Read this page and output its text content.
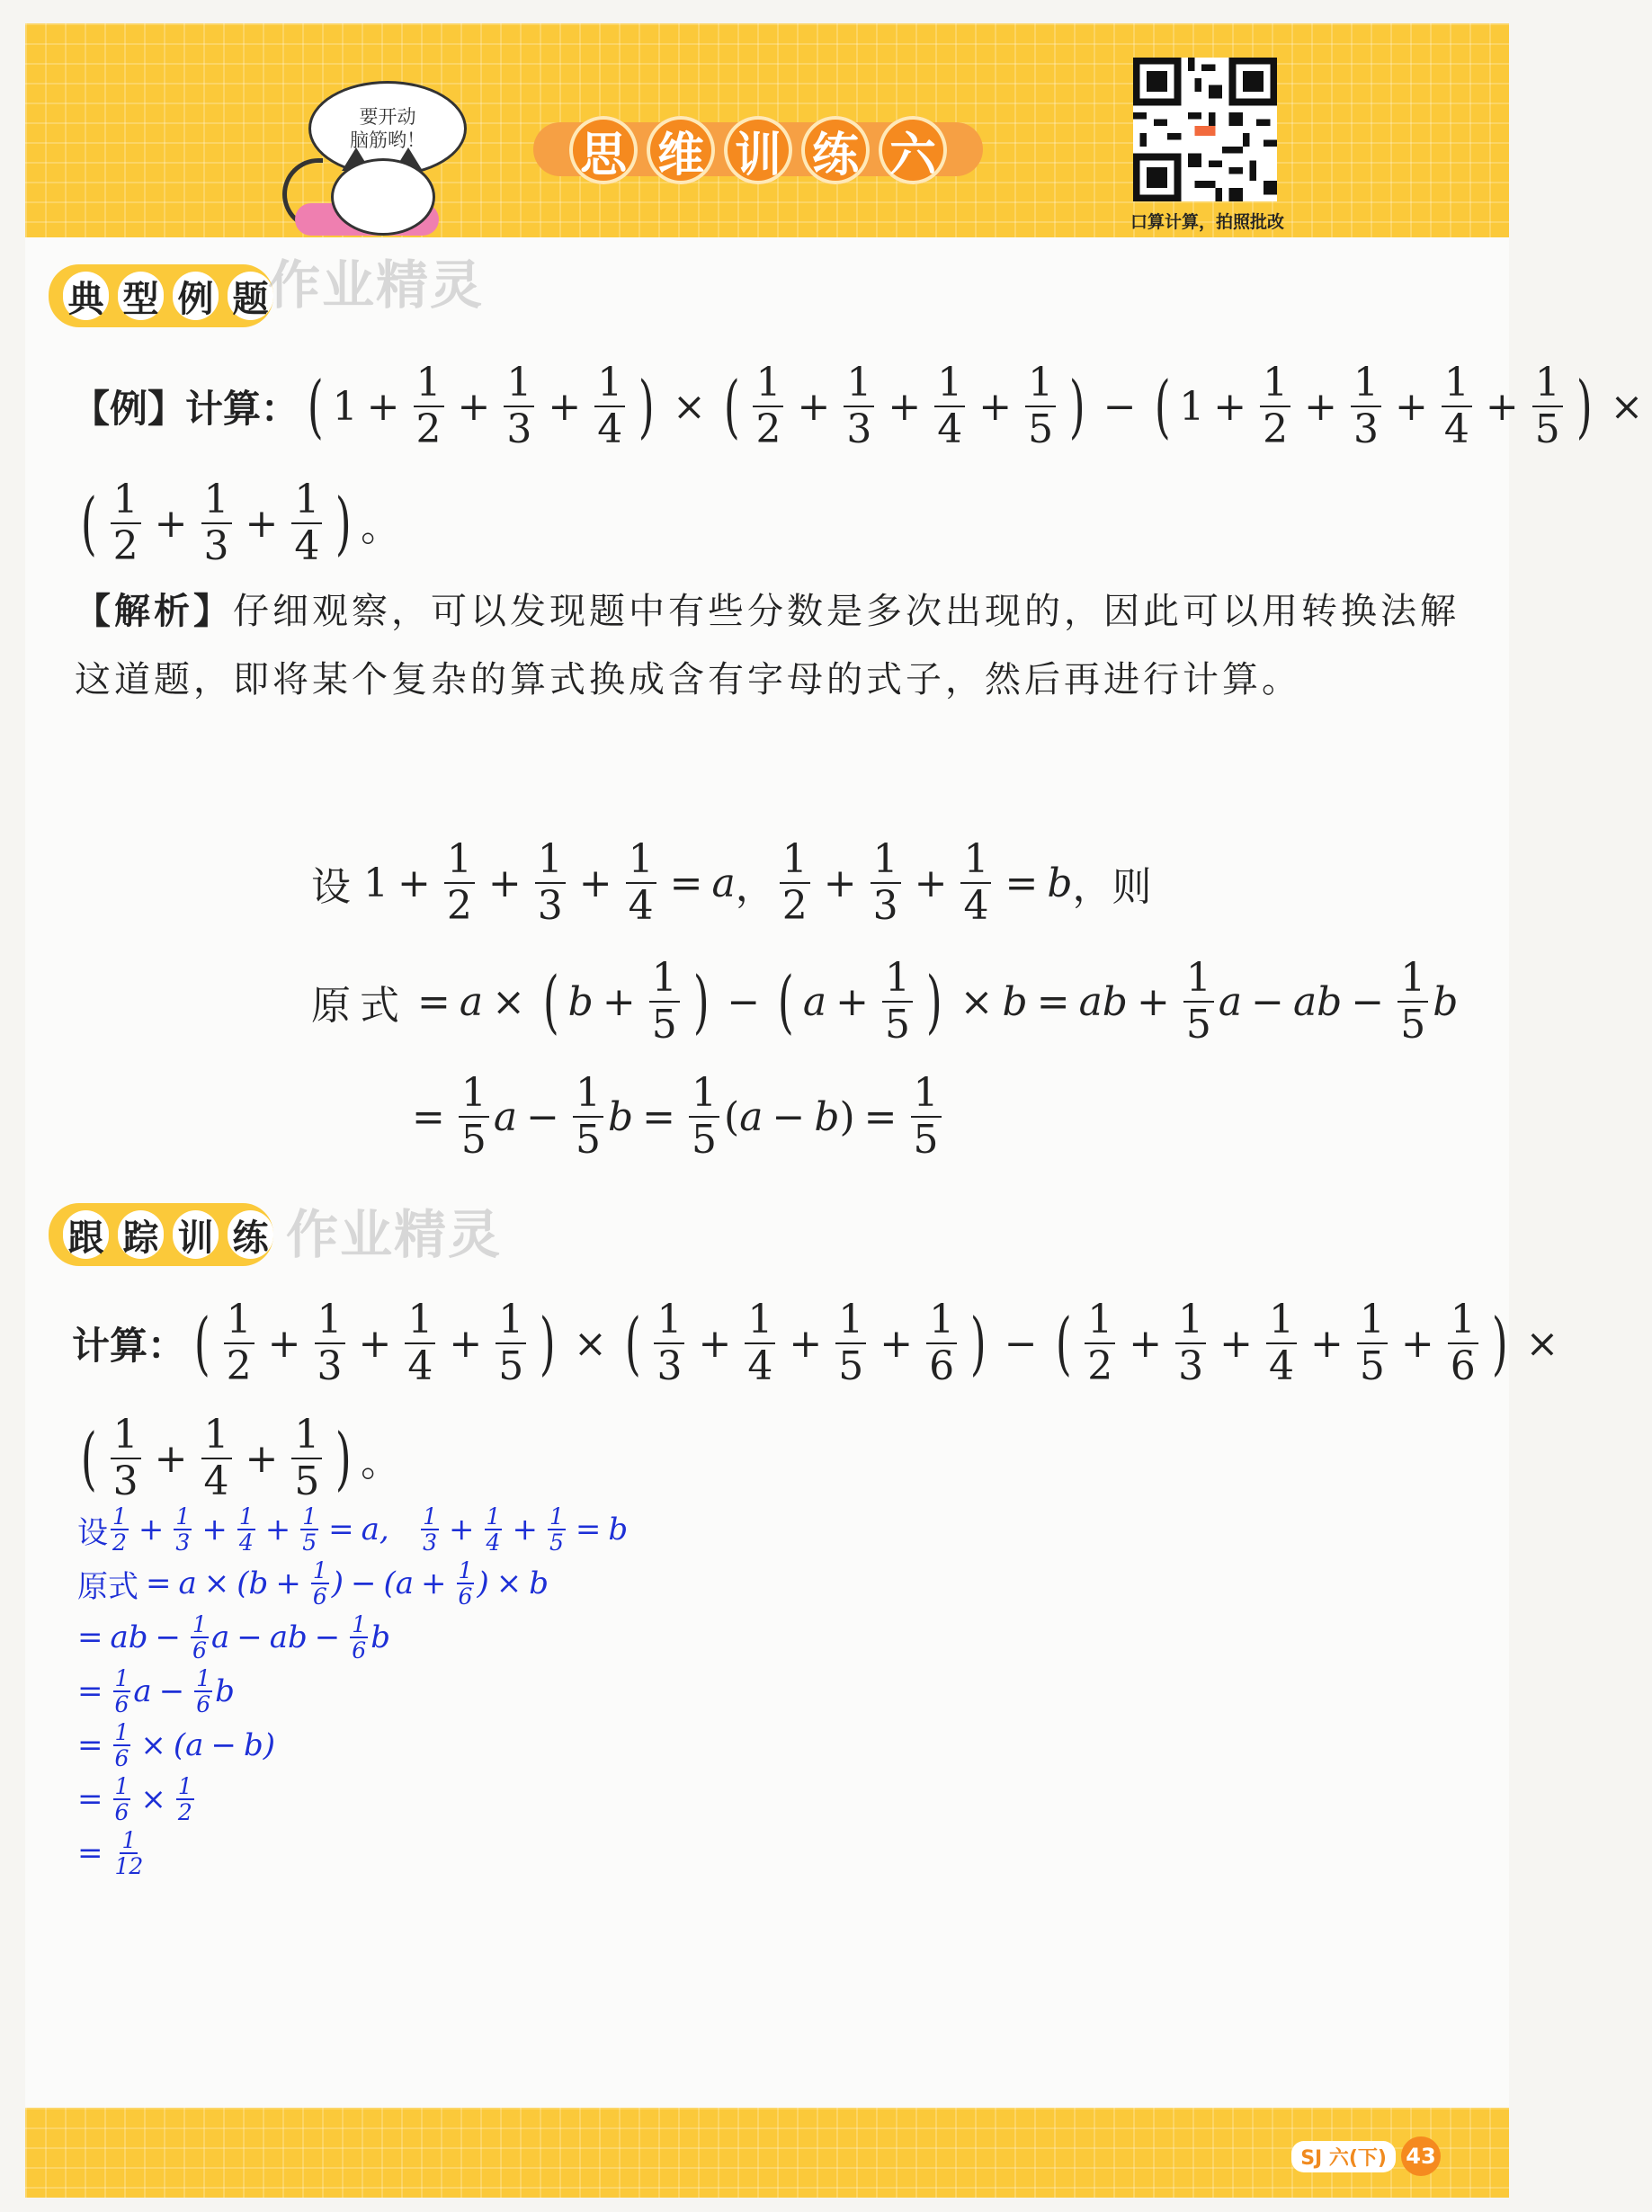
要开动
脑筋哟！	思 维 训 练 六
口算计算，拍照批改
典 型 例 题 作业精灵
【例】计算： ( $1 + \frac{1}{2} + \frac{1}{3} + \frac{1}{4}$ ) × ( $\frac{1}{2} + \frac{1}{3} + \frac{1}{4} + \frac{1}{5}$ ) − ( $1 + \frac{1}{2} + \frac{1}{3} + \frac{1}{4} + \frac{1}{5}$ ) ×
( $\frac{1}{2} + \frac{1}{3} + \frac{1}{4}$ ) 。
【解析】仔细观察，可以发现题中有些分数是多次出现的，因此可以用转换法解这道题，即将某个复杂的算式换成含有字母的式子，然后再进行计算。
设 $1 + \frac{1}{2} + \frac{1}{3} + \frac{1}{4} = a$ ， $\frac{1}{2} + \frac{1}{3} + \frac{1}{4} = b$ ， 则
原式 = a × ( $b + \frac{1}{5}$ ) − ( $a + \frac{1}{5}$ ) × b = ab + $\frac{1}{5}$ a − ab − $\frac{1}{5}$ b
= $\frac{1}{5}$ $a - \frac{1}{5}$ $b = \frac{1}{5}$ ( a − b ) = $\frac{1}{5}$
跟 踪 训 练 作业精灵
计算： ( $\frac{1}{2} + \frac{1}{3} + \frac{1}{4} + \frac{1}{5}$ ) × ( $\frac{1}{3} + \frac{1}{4} + \frac{1}{5} + \frac{1}{6}$ ) − ( $\frac{1}{2} + \frac{1}{3} + \frac{1}{4} + \frac{1}{5} + \frac{1}{6}$ ) ×
( $\frac{1}{3} + \frac{1}{4} + \frac{1}{5}$ ) 。
设 $\frac{1}{2} + \frac{1}{3} + \frac{1}{4} + \frac{1}{5} = a$, $\frac{1}{3} + \frac{1}{4} + \frac{1}{5} = b$
原式 = $a \times (b + \frac{1}{6}$ ) − ($a + \frac{1}{6}$ ) × b
= ab − $\frac{1}{6}$ a − ab − $\frac{1}{6}$ b
= $\frac{1}{6}$ $a - \frac{1}{6}$ b
= $\frac{1}{6} \times (a - b)$
= $\frac{1}{6} \times \frac{1}{2}$
= $\frac{1}{12}$
SJ 六(下) 43
